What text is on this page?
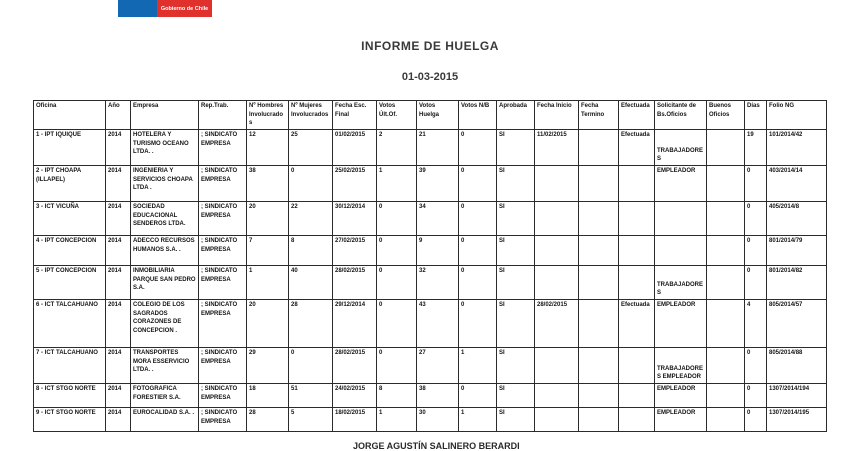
Gobierno de Chile
INFORME DE HUELGA
01-03-2015
Oficina	Año	Empresa	Rep.Trab.	Nº Hombres Involucrados	Nº Mujeres Involucrados	Fecha Esc. Final	Votos Últ.Of.	Votos Huelga	Votos N/B	Aprobada	Fecha Inicio	Fecha Termino	Efectuada	Solicitante de Bs.Oficios	Buenos Oficios	Días	Folio NG
1 - IPT IQUIQUE	2014	HOTELERA Y TURISMO OCEANO LTDA. .	; SINDICATO EMPRESA	12	25	01/02/2015	2	21	0	SI	11/02/2015		Efectuada	TRABAJADORES		19	101/2014/42
2 - IPT CHOAPA (ILLAPEL)	2014	INGENIERIA Y SERVICIOS CHOAPA LTDA .	; SINDICATO EMPRESA	38	0	25/02/2015	1	39	0	SI				EMPLEADOR		0	403/2014/14
3 - ICT VICUÑA	2014	SOCIEDAD EDUCACIONAL SENDEROS LTDA.	; SINDICATO EMPRESA	20	22	30/12/2014	0	34	0	SI						0	405/2014/8
4 - IPT CONCEPCION	2014	ADECCO RECURSOS HUMANOS S.A. .	; SINDICATO EMPRESA	7	8	27/02/2015	0	9	0	SI						0	801/2014/79
5 - IPT CONCEPCION	2014	INMOBILIARIA PARQUE SAN PEDRO S.A.	; SINDICATO EMPRESA	1	40	28/02/2015	0	32	0	SI				TRABAJADORES		0	801/2014/82
6 - ICT TALCAHUANO	2014	COLEGIO DE LOS SAGRADOS CORAZONES DE CONCEPCION .	; SINDICATO EMPRESA	20	28	29/12/2014	0	43	0	SI	28/02/2015		Efectuada	EMPLEADOR		4	805/2014/57
7 - ICT TALCAHUANO	2014	TRANSPORTES MORA ESSERVICIO LTDA. .	; SINDICATO EMPRESA	29	0	28/02/2015	0	27	1	SI				TRABAJADORES EMPLEADOR		0	805/2014/88
8 - ICT STGO NORTE	2014	FOTOGRAFICA FORESTIER S.A.	; SINDICATO EMPRESA	18	51	24/02/2015	8	38	0	SI				EMPLEADOR		0	1307/2014/194
9 - ICT STGO NORTE	2014	EUROCALIDAD S.A. .	; SINDICATO EMPRESA	28	5	18/02/2015	1	30	1	SI				EMPLEADOR		0	1307/2014/195
JORGE AGUSTÍN SALINERO BERARDI
